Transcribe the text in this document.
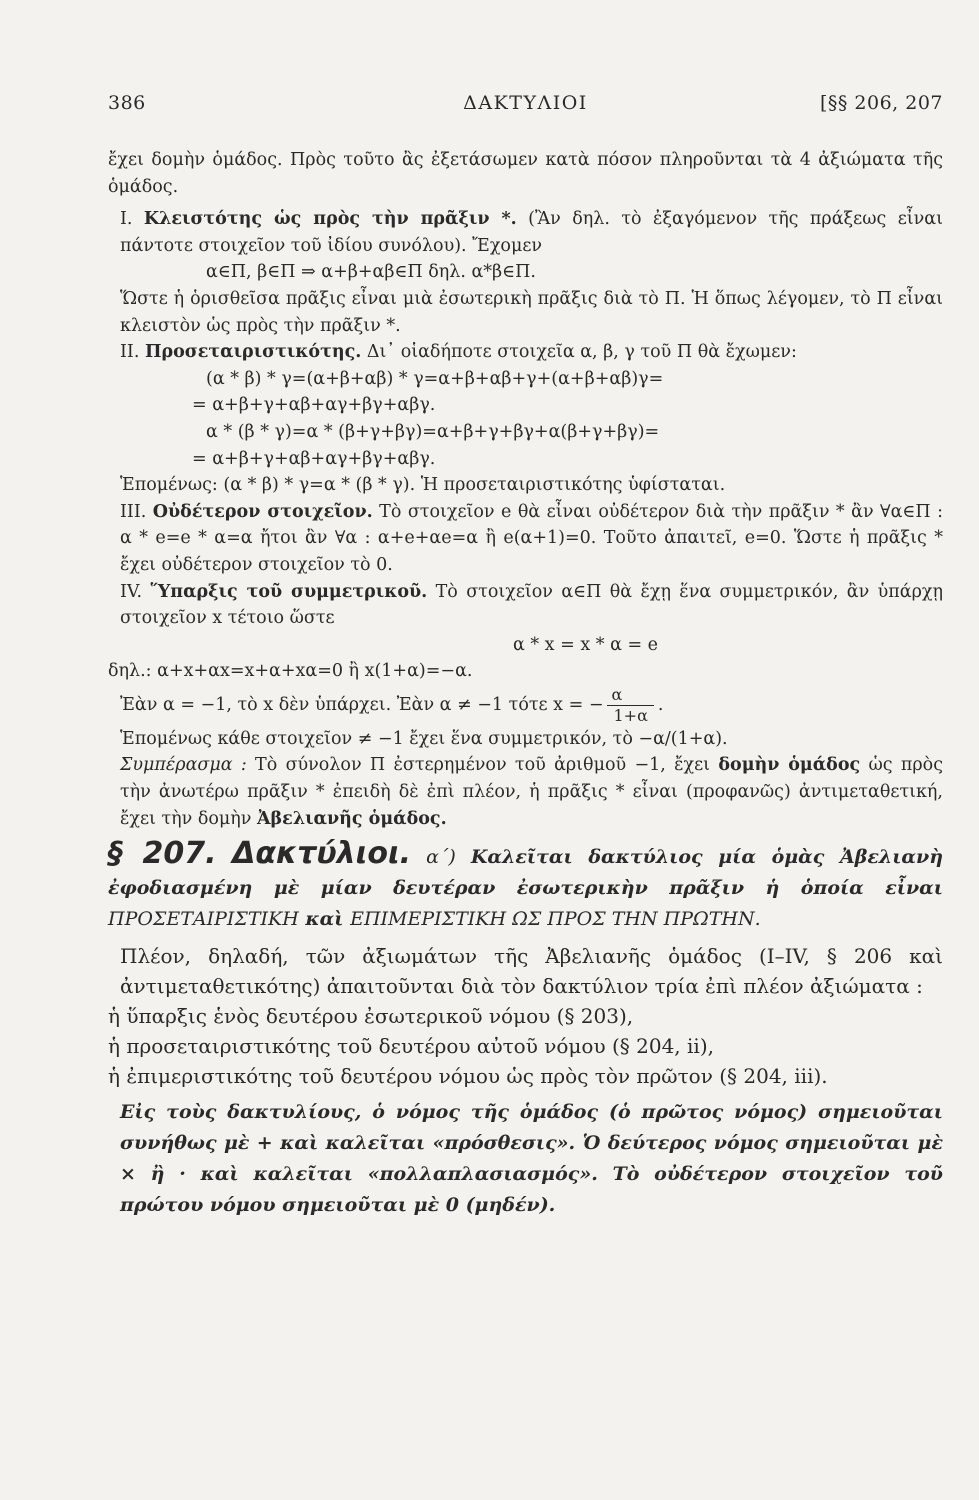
386	ΔΑΚΤΥΛΙΟΙ	[§§ 206, 207

ἔχει δομὴν ὁμάδος. Πρὸς τοῦτο ἂς ἐξετάσωμεν κατὰ πόσον πληροῦνται τὰ 4 ἀξιώματα τῆς ὁμάδος.

I. Κλειστότης ὡς πρὸς τὴν πρᾶξιν *. (Ἂν δηλ. τὸ ἐξαγόμενον τῆς πράξεως εἶναι πάντοτε στοιχεῖον τοῦ ἰδίου συνόλου). Ἔχομεν

α∈Π, β∈Π ⇒ α+β+αβ∈Π δηλ. α*β∈Π.

Ὥστε ἡ ὁρισθεῖσα πρᾶξις εἶναι μιὰ ἐσωτερικὴ πρᾶξις διὰ τὸ Π. Ἡ ὅπως λέγομεν, τὸ Π εἶναι κλειστὸν ὡς πρὸς τὴν πρᾶξιν *.

II. Προσεταιριστικότης. Δι᾽ οἱαδήποτε στοιχεῖα α, β, γ τοῦ Π θὰ ἔχωμεν:

(α * β) * γ=(α+β+αβ) * γ=α+β+αβ+γ+(α+β+αβ)γ=

= α+β+γ+αβ+αγ+βγ+αβγ.

α * (β * γ)=α * (β+γ+βγ)=α+β+γ+βγ+α(β+γ+βγ)=

= α+β+γ+αβ+αγ+βγ+αβγ.

Ἑπομένως: (α * β) * γ=α * (β * γ). Ἡ προσεταιριστικότης ὑφίσταται.

III. Οὐδέτερον στοιχεῖον. Τὸ στοιχεῖον e θὰ εἶναι οὐδέτερον διὰ τὴν πρᾶξιν * ἂν ∀α∈Π : α * e=e * α=α ἤτοι ἂν ∀α : α+e+αe=α ἢ e(α+1)=0. Τοῦτο ἀπαιτεῖ, e=0. Ὥστε ἡ πρᾶξις * ἔχει οὐδέτερον στοιχεῖον τὸ 0.

IV. Ὕπαρξις τοῦ συμμετρικοῦ. Τὸ στοιχεῖον α∈Π θὰ ἔχῃ ἕνα συμμετρικόν, ἂν ὑπάρχῃ στοιχεῖον x τέτοιο ὥστε

α * x = x * α = e

δηλ.: α+x+αx=x+α+xα=0 ἢ x(1+α)=−α.

Ἐὰν α = −1, τὸ x δὲν ὑπάρχει. Ἐὰν α ≠ −1 τότε x = − $\frac{\alpha}{1+\alpha}$ .

Ἑπομένως κάθε στοιχεῖον ≠ −1 ἔχει ἕνα συμμετρικόν, τὸ −α/(1+α).

Συμπέρασμα : Τὸ σύνολον Π ἐστερημένον τοῦ ἀριθμοῦ −1, ἔχει δομὴν ὁμάδος ὡς πρὸς τὴν ἀνωτέρω πρᾶξιν * ἐπειδὴ δὲ ἐπὶ πλέον, ἡ πρᾶξις * εἶναι (προφανῶς) ἀντιμεταθετική, ἔχει τὴν δομὴν Ἀβελιανῆς ὁμάδος.

§ 207. Δακτύλιοι. α΄) Καλεῖται δακτύλιος μία ὁμὰς Ἀβελιανὴ ἐφοδιασμένη μὲ μίαν δευτέραν ἐσωτερικὴν πρᾶξιν ἡ ὁποία εἶναι ΠΡΟΣΕΤΑΙΡΙΣΤΙΚΗ καὶ ΕΠΙΜΕΡΙΣΤΙΚΗ ΩΣ ΠΡΟΣ ΤΗΝ ΠΡΩΤΗΝ.

Πλέον, δηλαδή, τῶν ἀξιωμάτων τῆς Ἀβελιανῆς ὁμάδος (I–IV, § 206 καὶ ἀντιμεταθετικότης) ἀπαιτοῦνται διὰ τὸν δακτύλιον τρία ἐπὶ πλέον ἀξιώματα :

ἡ ὕπαρξις ἑνὸς δευτέρου ἐσωτερικοῦ νόμου (§ 203),

ἡ προσεταιριστικότης τοῦ δευτέρου αὐτοῦ νόμου (§ 204, ii),

ἡ ἐπιμεριστικότης τοῦ δευτέρου νόμου ὡς πρὸς τὸν πρῶτον (§ 204, iii).

Εἰς τοὺς δακτυλίους, ὁ νόμος τῆς ὁμάδος (ὁ πρῶτος νόμος) σημειοῦται συνήθως μὲ + καὶ καλεῖται «πρόσθεσις». Ὁ δεύτερος νόμος σημειοῦται μὲ × ἢ · καὶ καλεῖται «πολλαπλασιασμός». Τὸ οὐδέτερον στοιχεῖον τοῦ πρώτου νόμου σημειοῦται μὲ 0 (μηδέν).
